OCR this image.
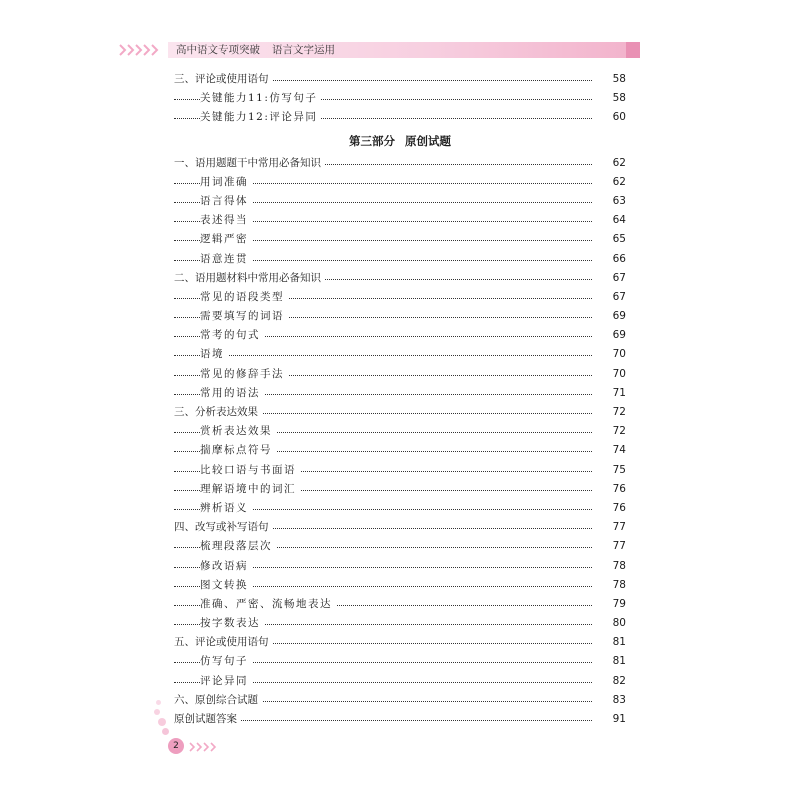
高中语文专项突破 语言文字运用
三、评论或使用语句	58
关键能力11:仿写句子	58
关键能力12:评论异同	60
第三部分 原创试题
一、语用题题干中常用必备知识	62
用词准确	62
语言得体	63
表述得当	64
逻辑严密	65
语意连贯	66
二、语用题材料中常用必备知识	67
常见的语段类型	67
需要填写的词语	69
常考的句式	69
语境	70
常见的修辞手法	70
常用的语法	71
三、分析表达效果	72
赏析表达效果	72
揣摩标点符号	74
比较口语与书面语	75
理解语境中的词汇	76
辨析语义	76
四、改写或补写语句	77
梳理段落层次	77
修改语病	78
图文转换	78
准确、严密、流畅地表达	79
按字数表达	80
五、评论或使用语句	81
仿写句子	81
评论异同	82
六、原创综合试题	83
原创试题答案	91
2
